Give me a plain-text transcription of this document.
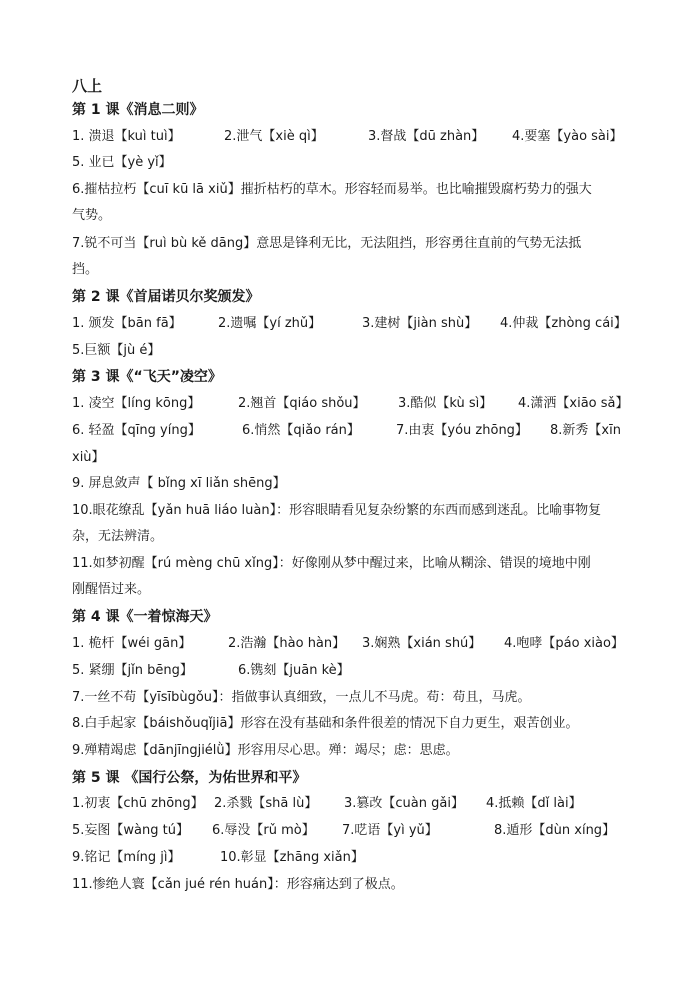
八上
第 1 课《消息二则》
1. 溃退【kuì tuì】	2.泄气【xiè qì】	3.督战【dū zhàn】 4.要塞【yào sài】
5. 业已【yè yǐ】
6.摧枯拉朽【cuī kū lā xiǔ】摧折枯朽的草木。形容轻而易举。也比喻摧毁腐朽势力的强大
气势。
7.锐不可当【ruì bù kě dāng】意思是锋利无比，无法阻挡，形容勇往直前的气势无法抵
挡。
第 2 课《首届诺贝尔奖颁发》
1. 颁发【bān fā】	2.遗嘱【yí zhǔ】	3.建树【jiàn shù】 4.仲裁【zhòng cái】
5.巨额【jù é】
第 3 课《“飞天”凌空》
1. 凌空【líng kōng】	2.翘首【qiáo shǒu】 3.酷似【kù sì】 4.潇洒【xiāo sǎ】
6. 轻盈【qīng yíng】	6.悄然【qiǎo rán】	7.由衷【yóu zhōng】 8.新秀【xīn
xiù】
9. 屏息敛声【 bǐng xī liǎn shēng】
10.眼花缭乱【yǎn huā liáo luàn】：形容眼睛看见复杂纷繁的东西而感到迷乱。比喻事物复
杂，无法辨清。
11.如梦初醒【rú mèng chū xǐng】：好像刚从梦中醒过来，比喻从糊涂、错误的境地中刚
刚醒悟过来。
第 4 课《一着惊海天》
1. 桅杆【wéi gān】	2.浩瀚【hào hàn】 3.娴熟【xián shú】 4.咆哮【páo xiào】
5. 紧绷【jǐn bēng】	6.镌刻【juān kè】
7.一丝不苟【yīsībùgǒu】：指做事认真细致，一点儿不马虎。苟：苟且，马虎。
8.白手起家【báishǒuqǐjiā】形容在没有基础和条件很差的情况下自力更生，艰苦创业。
9.殚精竭虑【dānjīngjiélǜ】形容用尽心思。殚：竭尽；虑：思虑。
第 5 课 《国行公祭，为佑世界和平》
1.初衷【chū zhōng】 2.杀戮【shā lù】 3.篡改【cuàn gǎi】 4.抵赖【dǐ lài】
5.妄图【wàng tú】 6.辱没【rǔ mò】 7.呓语【yì yǔ】	8.遁形【dùn xíng】
9.铭记【míng jì】	10.彰显【zhāng xiǎn】
11.惨绝人寰【cǎn jué rén huán】：形容痛达到了极点。
